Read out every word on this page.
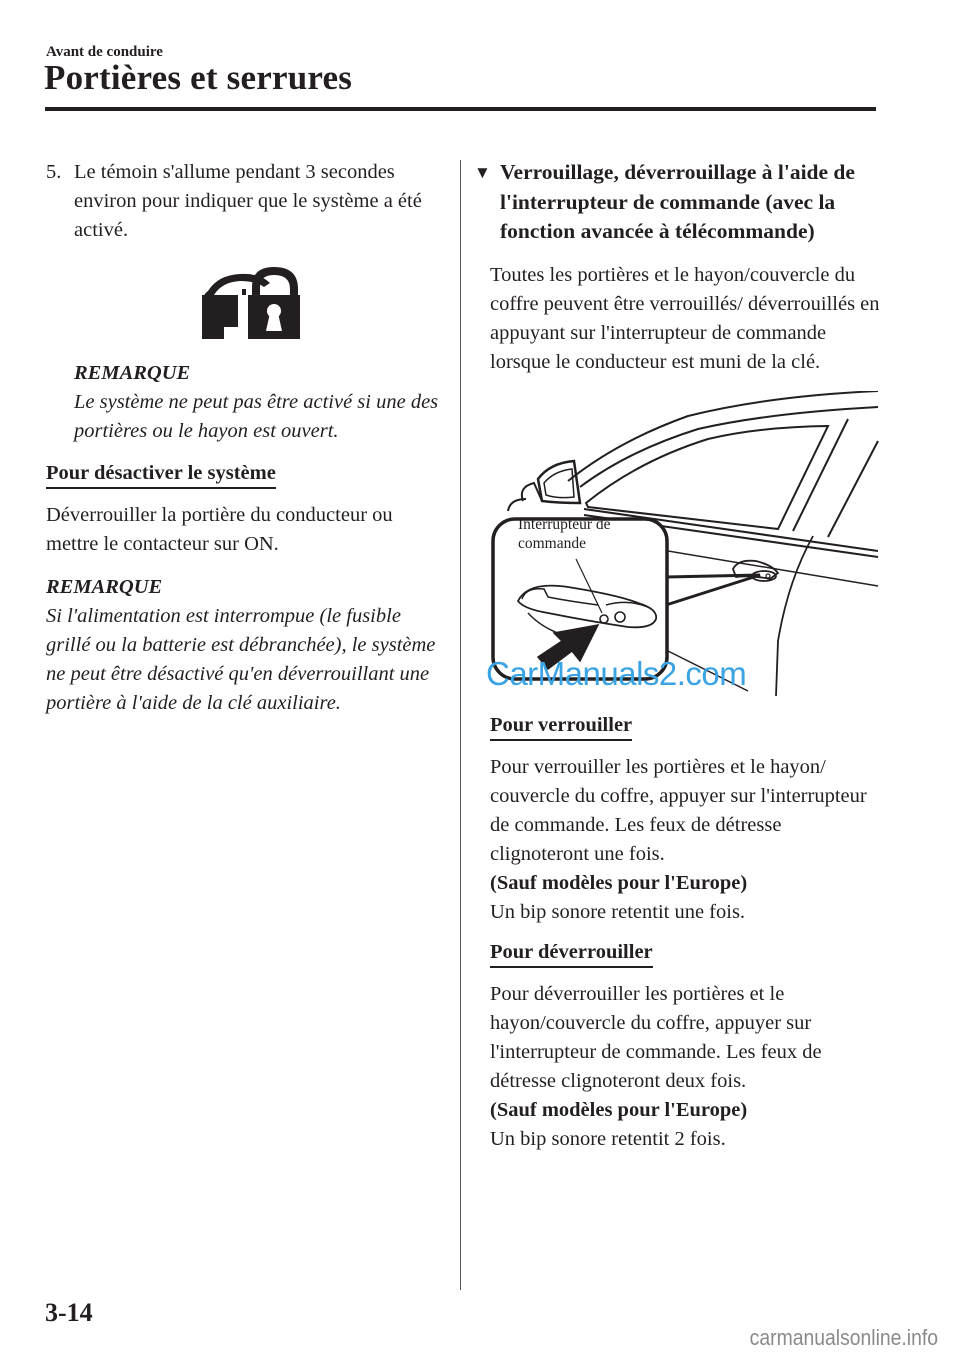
Avant de conduire
Portières et serrures
5. Le témoin s'allume pendant 3 secondes environ pour indiquer que le système a été activé.
REMARQUE
Le système ne peut pas être activé si une des portières ou le hayon est ouvert.
Pour désactiver le système
Déverrouiller la portière du conducteur ou mettre le contacteur sur ON.
REMARQUE
Si l'alimentation est interrompue (le fusible grillé ou la batterie est débranchée), le système ne peut être désactivé qu'en déverrouillant une portière à l'aide de la clé auxiliaire.
▼ Verrouillage, déverrouillage à l'aide de l'interrupteur de commande (avec la fonction avancée à télécommande)
Toutes les portières et le hayon/couvercle du coffre peuvent être verrouillés/ déverrouillés en appuyant sur l'interrupteur de commande lorsque le conducteur est muni de la clé.
Interrupteur de
commande
CarManuals2.com
Pour verrouiller
Pour verrouiller les portières et le hayon/ couvercle du coffre, appuyer sur l'interrupteur de commande. Les feux de détresse clignoteront une fois.
(Sauf modèles pour l'Europe)
Un bip sonore retentit une fois.
Pour déverrouiller
Pour déverrouiller les portières et le hayon/couvercle du coffre, appuyer sur l'interrupteur de commande. Les feux de détresse clignoteront deux fois.
(Sauf modèles pour l'Europe)
Un bip sonore retentit 2 fois.
3-14
carmanualsonline.info
